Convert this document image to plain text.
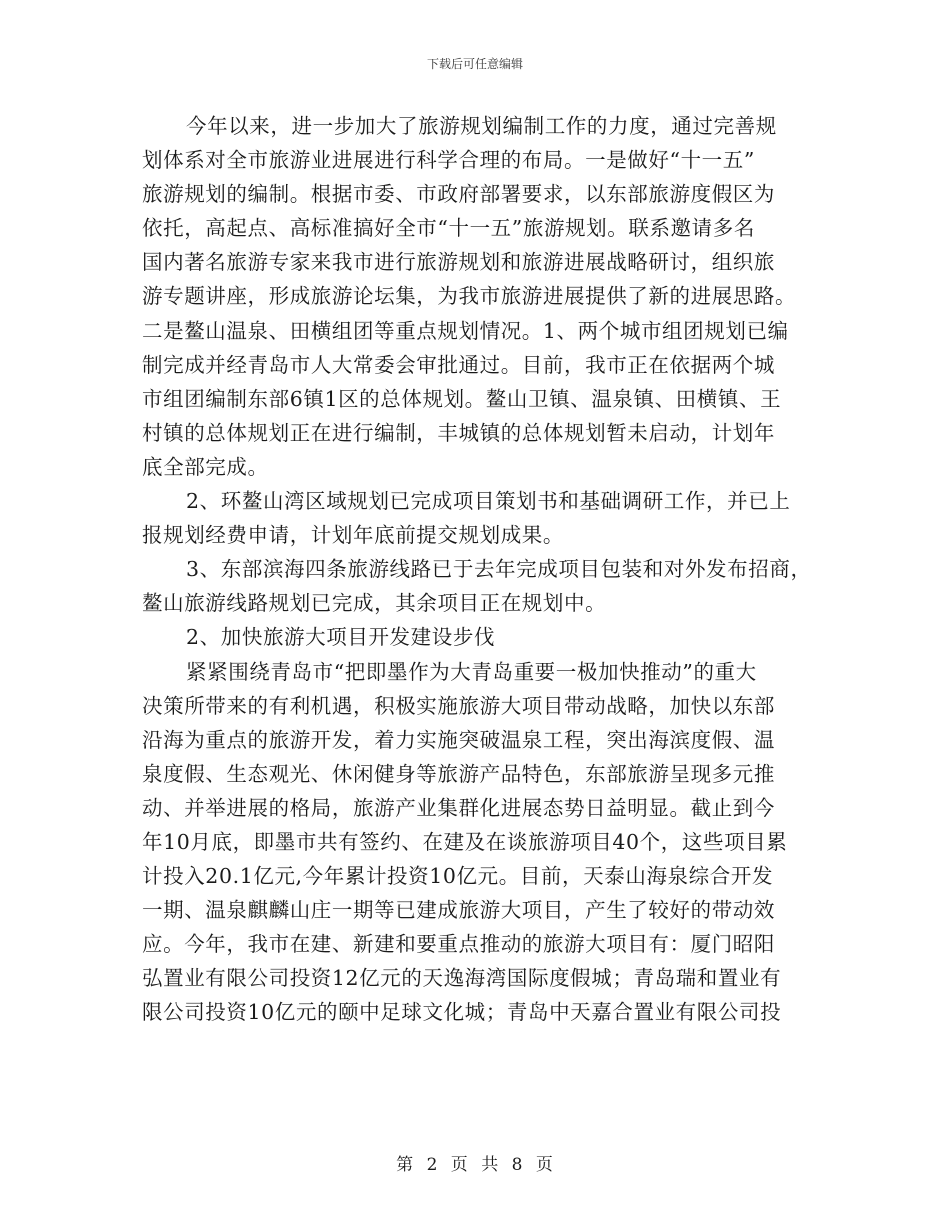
下载后可任意编辑
今年以来，进一步加大了旅游规划编制工作的力度，通过完善规
划体系对全市旅游业进展进行科学合理的布局。一是做好“十一五”
旅游规划的编制。根据市委、市政府部署要求，以东部旅游度假区为
依托，高起点、高标准搞好全市“十一五”旅游规划。联系邀请多名
国内著名旅游专家来我市进行旅游规划和旅游进展战略研讨，组织旅
游专题讲座，形成旅游论坛集，为我市旅游进展提供了新的进展思路。
二是鳌山温泉、田横组团等重点规划情况。1、两个城市组团规划已编
制完成并经青岛市人大常委会审批通过。目前，我市正在依据两个城
市组团编制东部6镇1区的总体规划。鳌山卫镇、温泉镇、田横镇、王
村镇的总体规划正在进行编制，丰城镇的总体规划暂未启动，计划年
底全部完成。
2、环鳌山湾区域规划已完成项目策划书和基础调研工作，并已上
报规划经费申请，计划年底前提交规划成果。
3、东部滨海四条旅游线路已于去年完成项目包装和对外发布招商，
鳌山旅游线路规划已完成，其余项目正在规划中。
2、加快旅游大项目开发建设步伐
紧紧围绕青岛市“把即墨作为大青岛重要一极加快推动”的重大
决策所带来的有利机遇，积极实施旅游大项目带动战略，加快以东部
沿海为重点的旅游开发，着力实施突破温泉工程，突出海滨度假、温
泉度假、生态观光、休闲健身等旅游产品特色，东部旅游呈现多元推
动、并举进展的格局，旅游产业集群化进展态势日益明显。截止到今
年10月底，即墨市共有签约、在建及在谈旅游项目40个，这些项目累
计投入20.1亿元,今年累计投资10亿元。目前，天泰山海泉综合开发
一期、温泉麒麟山庄一期等已建成旅游大项目，产生了较好的带动效
应。今年，我市在建、新建和要重点推动的旅游大项目有：厦门昭阳
弘置业有限公司投资12亿元的天逸海湾国际度假城；青岛瑞和置业有
限公司投资10亿元的颐中足球文化城；青岛中天嘉合置业有限公司投
第 2 页 共 8 页
